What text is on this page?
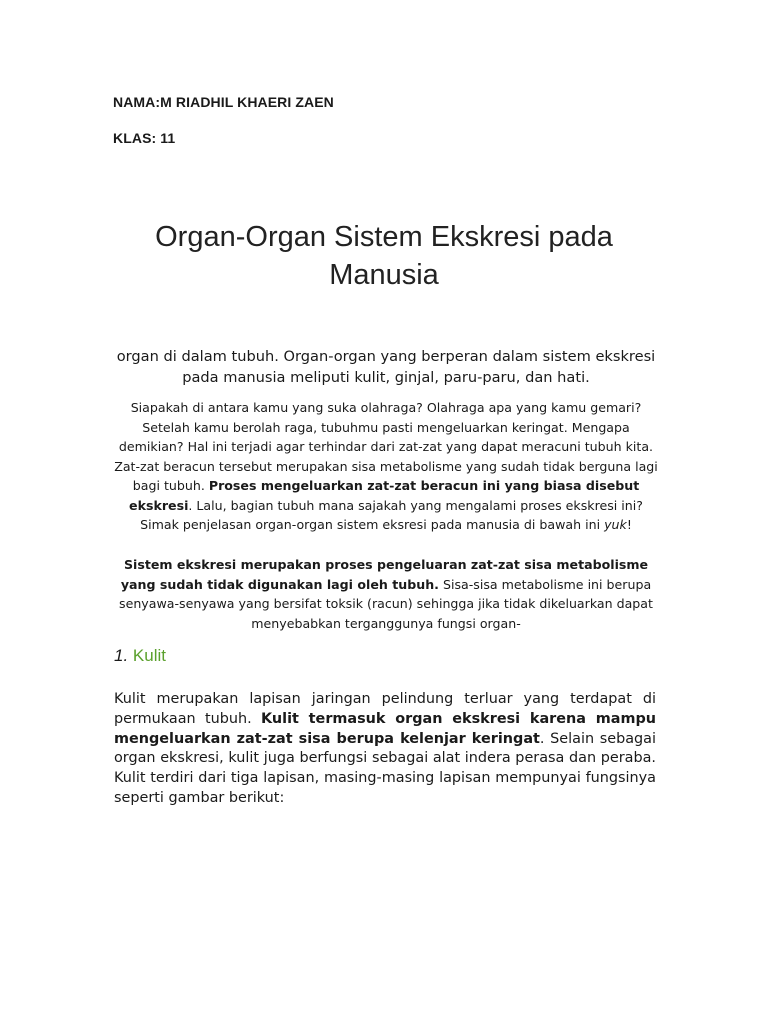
NAMA:M RIADHIL KHAERI ZAEN
KLAS: 11
Organ-Organ Sistem Ekskresi pada Manusia
organ di dalam tubuh. Organ-organ yang berperan dalam sistem ekskresi pada manusia meliputi kulit, ginjal, paru-paru, dan hati.
Siapakah di antara kamu yang suka olahraga? Olahraga apa yang kamu gemari? Setelah kamu berolah raga, tubuhmu pasti mengeluarkan keringat. Mengapa demikian? Hal ini terjadi agar terhindar dari zat-zat yang dapat meracuni tubuh kita. Zat-zat beracun tersebut merupakan sisa metabolisme yang sudah tidak berguna lagi bagi tubuh. Proses mengeluarkan zat-zat beracun ini yang biasa disebut ekskresi. Lalu, bagian tubuh mana sajakah yang mengalami proses ekskresi ini? Simak penjelasan organ-organ sistem eksresi pada manusia di bawah ini yuk!
Sistem ekskresi merupakan proses pengeluaran zat-zat sisa metabolisme yang sudah tidak digunakan lagi oleh tubuh. Sisa-sisa metabolisme ini berupa senyawa-senyawa yang bersifat toksik (racun) sehingga jika tidak dikeluarkan dapat menyebabkan terganggunya fungsi organ-
1. Kulit
Kulit merupakan lapisan jaringan pelindung terluar yang terdapat di permukaan tubuh. Kulit termasuk organ ekskresi karena mampu mengeluarkan zat-zat sisa berupa kelenjar keringat. Selain sebagai organ ekskresi, kulit juga berfungsi sebagai alat indera perasa dan peraba. Kulit terdiri dari tiga lapisan, masing-masing lapisan mempunyai fungsinya seperti gambar berikut:
